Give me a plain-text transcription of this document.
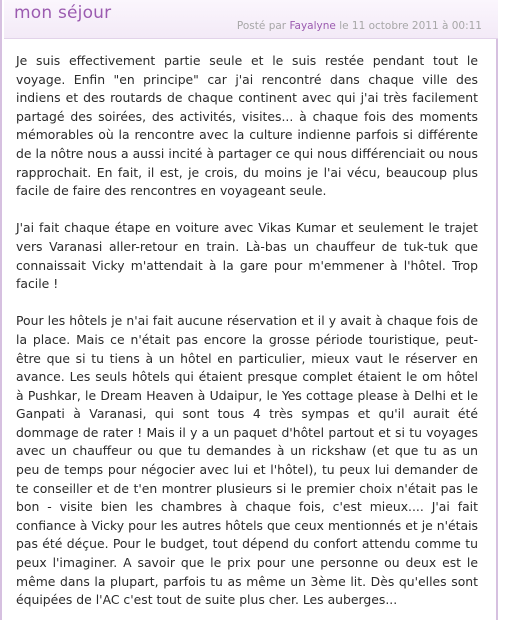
mon séjour
Posté par Fayalyne le 11 octobre 2011 à 00:11

Je suis effectivement partie seule et le suis restée pendant tout le voyage. Enfin "en principe" car j'ai rencontré dans chaque ville des indiens et des routards de chaque continent avec qui j'ai très facilement partagé des soirées, des activités, visites... à chaque fois des moments mémorables où la rencontre avec la culture indienne parfois si différente de la nôtre nous a aussi incité à partager ce qui nous différenciait ou nous rapprochait. En fait, il est, je crois, du moins je l'ai vécu, beaucoup plus facile de faire des rencontres en voyageant seule.

J'ai fait chaque étape en voiture avec Vikas Kumar et seulement le trajet vers Varanasi aller-retour en train. Là-bas un chauffeur de tuk-tuk que connaissait Vicky m'attendait à la gare pour m'emmener à l'hôtel. Trop facile !

Pour les hôtels je n'ai fait aucune réservation et il y avait à chaque fois de la place. Mais ce n'était pas encore la grosse période touristique, peut-être que si tu tiens à un hôtel en particulier, mieux vaut le réserver en avance. Les seuls hôtels qui étaient presque complet étaient le om hôtel à Pushkar, le Dream Heaven à Udaipur, le Yes cottage please à Delhi et le Ganpati à Varanasi, qui sont tous 4 très sympas et qu'il aurait été dommage de rater ! Mais il y a un paquet d'hôtel partout et si tu voyages avec un chauffeur ou que tu demandes à un rickshaw (et que tu as un peu de temps pour négocier avec lui et l'hôtel), tu peux lui demander de te conseiller et de t'en montrer plusieurs si le premier choix n'était pas le bon - visite bien les chambres à chaque fois, c'est mieux.... J'ai fait confiance à Vicky pour les autres hôtels que ceux mentionnés et je n'étais pas été déçue. Pour le budget, tout dépend du confort attendu comme tu peux l'imaginer. A savoir que le prix pour une personne ou deux est le même dans la plupart, parfois tu as même un 3ème lit. Dès qu'elles sont équipées de l'AC c'est tout de suite plus cher. Les auberges...
